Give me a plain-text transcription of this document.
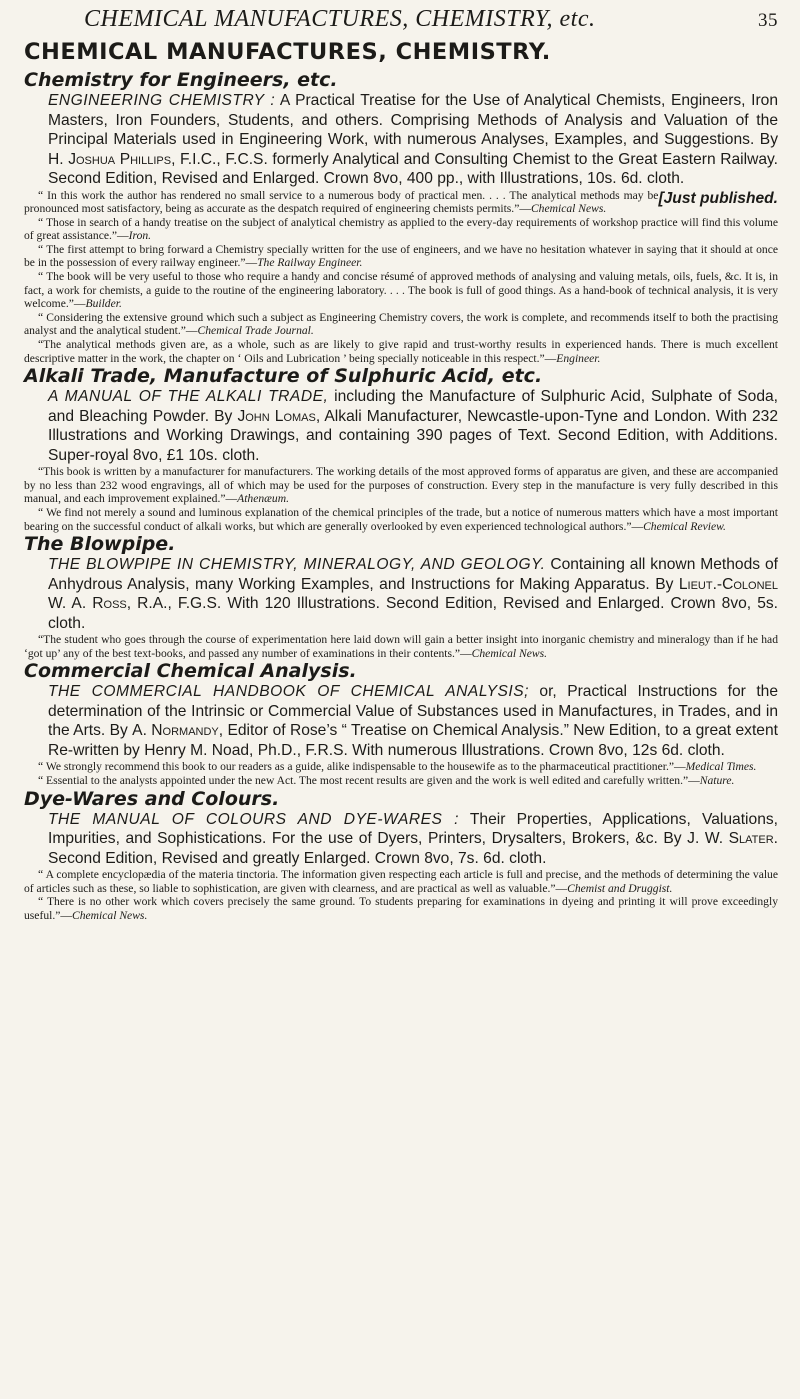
CHEMICAL MANUFACTURES, CHEMISTRY, etc.	35
CHEMICAL MANUFACTURES, CHEMISTRY.
Chemistry for Engineers, etc.

ENGINEERING CHEMISTRY : A Practical Treatise for the Use of Analytical Chemists, Engineers, Iron Masters, Iron Founders, Students, and others. Comprising Methods of Analysis and Valuation of the Principal Materials used in Engineering Work, with numerous Analyses, Examples, and Suggestions. By H. Joshua Phillips, F.I.C., F.C.S. formerly Analytical and Consulting Chemist to the Great Eastern Railway. Second Edition, Revised and Enlarged. Crown 8vo, 400 pp., with Illustrations, 10s. 6d. cloth.
[Just published.

“ In this work the author has rendered no small service to a numerous body of practical men. . . . The analytical methods may be pronounced most satisfactory, being as accurate as the despatch required of engineering chemists permits.”—Chemical News.

“ Those in search of a handy treatise on the subject of analytical chemistry as applied to the every-day requirements of workshop practice will find this volume of great assistance.”—Iron.

“ The first attempt to bring forward a Chemistry specially written for the use of engineers, and we have no hesitation whatever in saying that it should at once be in the possession of every railway engineer.”—The Railway Engineer.

“ The book will be very useful to those who require a handy and concise résumé of approved methods of analysing and valuing metals, oils, fuels, &c. It is, in fact, a work for chemists, a guide to the routine of the engineering laboratory. . . . The book is full of good things. As a hand-book of technical analysis, it is very welcome.”—Builder.

“ Considering the extensive ground which such a subject as Engineering Chemistry covers, the work is complete, and recommends itself to both the practising analyst and the analytical student.”—Chemical Trade Journal.

“The analytical methods given are, as a whole, such as are likely to give rapid and trust-worthy results in experienced hands. There is much excellent descriptive matter in the work, the chapter on ‘ Oils and Lubrication ’ being specially noticeable in this respect.”—Engineer.

Alkali Trade, Manufacture of Sulphuric Acid, etc.

A MANUAL OF THE ALKALI TRADE, including the Manufacture of Sulphuric Acid, Sulphate of Soda, and Bleaching Powder. By John Lomas, Alkali Manufacturer, Newcastle-upon-Tyne and London. With 232 Illustrations and Working Drawings, and containing 390 pages of Text. Second Edition, with Additions. Super-royal 8vo, £1 10s. cloth.

“This book is written by a manufacturer for manufacturers. The working details of the most approved forms of apparatus are given, and these are accompanied by no less than 232 wood engravings, all of which may be used for the purposes of construction. Every step in the manufacture is very fully described in this manual, and each improvement explained.”—Athenæum.

“ We find not merely a sound and luminous explanation of the chemical principles of the trade, but a notice of numerous matters which have a most important bearing on the successful conduct of alkali works, but which are generally overlooked by even experienced technological authors.”—Chemical Review.

The Blowpipe.

THE BLOWPIPE IN CHEMISTRY, MINERALOGY, AND GEOLOGY. Containing all known Methods of Anhydrous Analysis, many Working Examples, and Instructions for Making Apparatus. By Lieut.-Colonel W. A. Ross, R.A., F.G.S. With 120 Illustrations. Second Edition, Revised and Enlarged. Crown 8vo, 5s. cloth.

“The student who goes through the course of experimentation here laid down will gain a better insight into inorganic chemistry and mineralogy than if he had ‘got up’ any of the best text-books, and passed any number of examinations in their contents.”—Chemical News.

Commercial Chemical Analysis.

THE COMMERCIAL HANDBOOK OF CHEMICAL ANALYSIS; or, Practical Instructions for the determination of the Intrinsic or Commercial Value of Substances used in Manufactures, in Trades, and in the Arts. By A. Normandy, Editor of Rose’s “ Treatise on Chemical Analysis.” New Edition, to a great extent Re-written by Henry M. Noad, Ph.D., F.R.S. With numerous Illustrations. Crown 8vo, 12s 6d. cloth.

“ We strongly recommend this book to our readers as a guide, alike indispensable to the housewife as to the pharmaceutical practitioner.”—Medical Times.

“ Essential to the analysts appointed under the new Act. The most recent results are given and the work is well edited and carefully written.”—Nature.

Dye-Wares and Colours.

THE MANUAL OF COLOURS AND DYE-WARES : Their Properties, Applications, Valuations, Impurities, and Sophistications. For the use of Dyers, Printers, Drysalters, Brokers, &c. By J. W. Slater. Second Edition, Revised and greatly Enlarged. Crown 8vo, 7s. 6d. cloth.

“ A complete encyclopædia of the materia tinctoria. The information given respecting each article is full and precise, and the methods of determining the value of articles such as these, so liable to sophistication, are given with clearness, and are practical as well as valuable.”—Chemist and Druggist.

“ There is no other work which covers precisely the same ground. To students preparing for examinations in dyeing and printing it will prove exceedingly useful.”—Chemical News.
